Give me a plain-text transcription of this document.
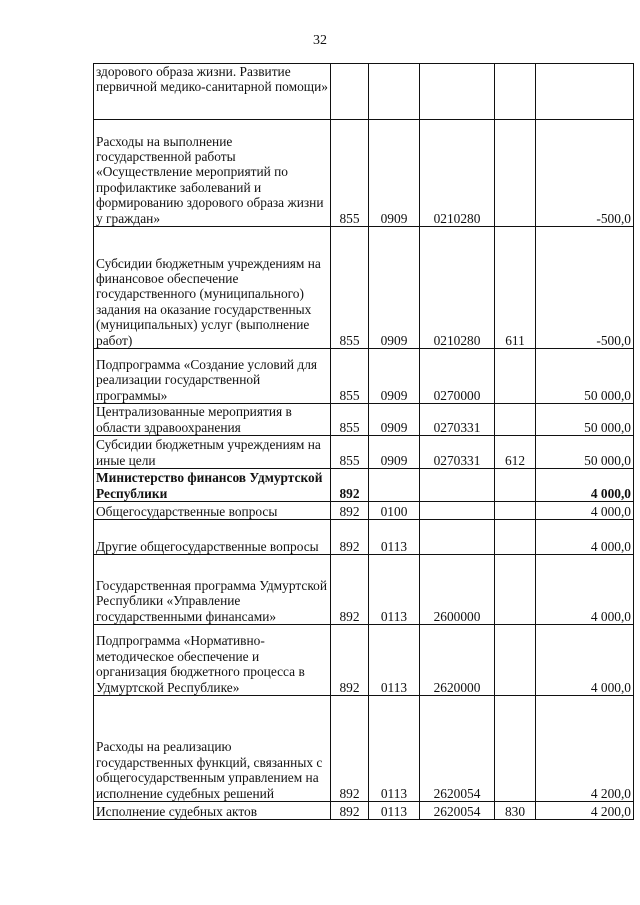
32
здорового образа жизни. Развитие первичной медико-санитарной помощи»					
Расходы на выполнение государственной работы «Осуществление мероприятий по профилактике заболеваний и формированию здорового образа жизни у граждан»	855	0909	0210280		-500,0
Субсидии бюджетным учреждениям на финансовое обеспечение государственного (муниципального) задания на оказание государственных (муниципальных) услуг (выполнение работ)	855	0909	0210280	611	-500,0
Подпрограмма «Создание условий для реализации государственной программы»	855	0909	0270000		50 000,0
Централизованные мероприятия в области здравоохранения	855	0909	0270331		50 000,0
Субсидии бюджетным учреждениям на иные цели	855	0909	0270331	612	50 000,0
Министерство финансов Удмуртской Республики	892				4 000,0
Общегосударственные вопросы	892	0100			4 000,0
Другие общегосударственные вопросы	892	0113			4 000,0
Государственная программа Удмуртской Республики «Управление государственными финансами»	892	0113	2600000		4 000,0
Подпрограмма «Нормативно-методическое обеспечение и организация бюджетного процесса в Удмуртской Республике»	892	0113	2620000		4 000,0
Расходы на реализацию государственных функций, связанных с общегосударственным управлением на исполнение судебных решений	892	0113	2620054		4 200,0
Исполнение судебных актов	892	0113	2620054	830	4 200,0
